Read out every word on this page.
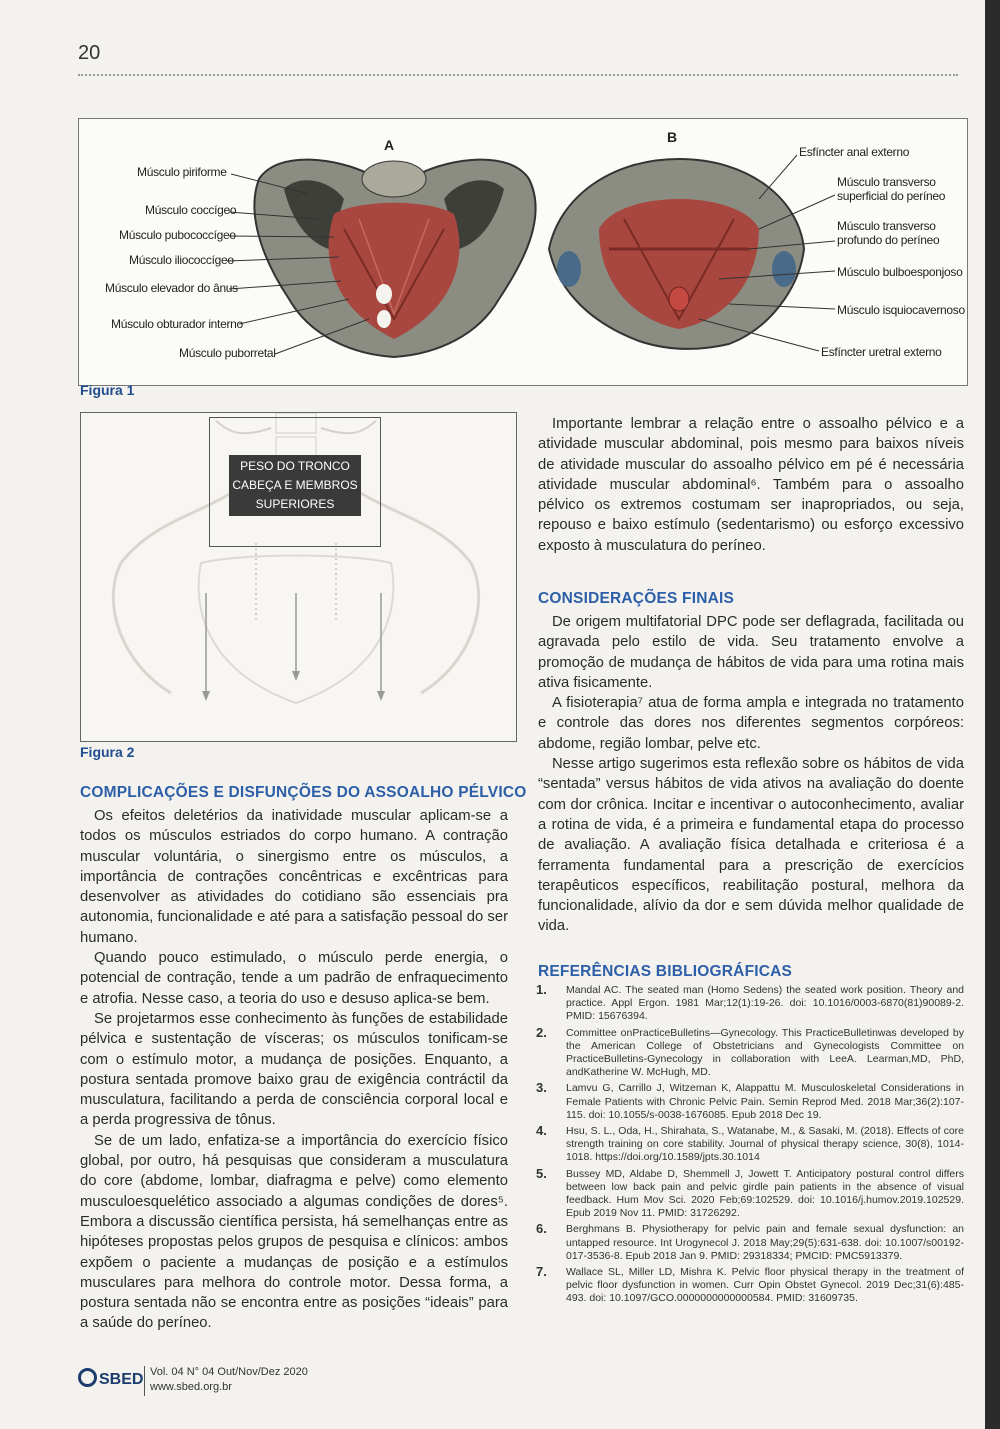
20
A	B
Músculo piriforme
Músculo coccígeo
Músculo pubococcígeo
Músculo iliococcígeo
Músculo elevador do ânus
Músculo obturador interno
Músculo puborretal
Esfíncter anal externo
Músculo transverso superficial do períneo
Músculo transverso profundo do períneo
Músculo bulboesponjoso
Músculo isquiocavernoso
Esfíncter uretral externo
Figura 1
PESO DO TRONCO CABEÇA E MEMBROS SUPERIORES
Figura 2
COMPLICAÇÕES E DISFUNÇÕES DO ASSOALHO PÉLVICO

Os efeitos deletérios da inatividade muscular aplicam-se a todos os músculos estriados do corpo humano. A contração muscular voluntária, o sinergismo entre os músculos, a importância de contrações concêntricas e excêntricas para desenvolver as atividades do cotidiano são essenciais pra autonomia, funcionalidade e até para a satisfação pessoal do ser humano.

Quando pouco estimulado, o músculo perde energia, o potencial de contração, tende a um padrão de enfraquecimento e atrofia. Nesse caso, a teoria do uso e desuso aplica-se bem.

Se projetarmos esse conhecimento às funções de estabilidade pélvica e sustentação de vísceras; os músculos tonificam-se com o estímulo motor, a mudança de posições. Enquanto, a postura sentada promove baixo grau de exigência contráctil da musculatura, facilitando a perda de consciência corporal local e a perda progressiva de tônus.

Se de um lado, enfatiza-se a importância do exercício físico global, por outro, há pesquisas que consideram a musculatura do core (abdome, lombar, diafragma e pelve) como elemento musculoesquelético associado a algumas condições de dores⁵. Embora a discussão científica persista, há semelhanças entre as hipóteses propostas pelos grupos de pesquisa e clínicos: ambos expõem o paciente a mudanças de posição e a estímulos musculares para melhora do controle motor. Dessa forma, a postura sentada não se encontra entre as posições “ideais” para a saúde do períneo.

Importante lembrar a relação entre o assoalho pélvico e a atividade muscular abdominal, pois mesmo para baixos níveis de atividade muscular do assoalho pélvico em pé é necessária atividade muscular abdominal⁶. Também para o assoalho pélvico os extremos costumam ser inapropriados, ou seja, repouso e baixo estímulo (sedentarismo) ou esforço excessivo exposto à musculatura do períneo.

CONSIDERAÇÕES FINAIS

De origem multifatorial DPC pode ser deflagrada, facilitada ou agravada pelo estilo de vida. Seu tratamento envolve a promoção de mudança de hábitos de vida para uma rotina mais ativa fisicamente.

A fisioterapia⁷ atua de forma ampla e integrada no tratamento e controle das dores nos diferentes segmentos corpóreos: abdome, região lombar, pelve etc.

Nesse artigo sugerimos esta reflexão sobre os hábitos de vida “sentada” versus hábitos de vida ativos na avaliação do doente com dor crônica. Incitar e incentivar o autoconhecimento, avaliar a rotina de vida, é a primeira e fundamental etapa do processo de avaliação. A avaliação física detalhada e criteriosa é a ferramenta fundamental para a prescrição de exercícios terapêuticos específicos, reabilitação postural, melhora da funcionalidade, alívio da dor e sem dúvida melhor qualidade de vida.

REFERÊNCIAS BIBLIOGRÁFICAS
1. Mandal AC. The seated man (Homo Sedens) the seated work position. Theory and practice. Appl Ergon. 1981 Mar;12(1):19-26. doi: 10.1016/0003-6870(81)90089-2. PMID: 15676394.
2. Committee onPracticeBulletins—Gynecology. This PracticeBulletinwas developed by the American College of Obstetricians and Gynecologists Committee on PracticeBulletins-Gynecology in collaboration with LeeA. Learman,MD, PhD, andKatherine W. McHugh, MD.
3. Lamvu G, Carrillo J, Witzeman K, Alappattu M. Musculoskeletal Considerations in Female Patients with Chronic Pelvic Pain. Semin Reprod Med. 2018 Mar;36(2):107-115. doi: 10.1055/s-0038-1676085. Epub 2018 Dec 19.
4. Hsu, S. L., Oda, H., Shirahata, S., Watanabe, M., & Sasaki, M. (2018). Effects of core strength training on core stability. Journal of physical therapy science, 30(8), 1014-1018. https://doi.org/10.1589/jpts.30.1014
5. Bussey MD, Aldabe D, Shemmell J, Jowett T. Anticipatory postural control differs between low back pain and pelvic girdle pain patients in the absence of visual feedback. Hum Mov Sci. 2020 Feb;69:102529. doi: 10.1016/j.humov.2019.102529. Epub 2019 Nov 11. PMID: 31726292.
6. Berghmans B. Physiotherapy for pelvic pain and female sexual dysfunction: an untapped resource. Int Urogynecol J. 2018 May;29(5):631-638. doi: 10.1007/s00192-017-3536-8. Epub 2018 Jan 9. PMID: 29318334; PMCID: PMC5913379.
7. Wallace SL, Miller LD, Mishra K. Pelvic floor physical therapy in the treatment of pelvic floor dysfunction in women. Curr Opin Obstet Gynecol. 2019 Dec;31(6):485-493. doi: 10.1097/GCO.0000000000000584. PMID: 31609735.
SBED Vol. 04 N° 04 Out/Nov/Dez 2020
www.sbed.org.br
